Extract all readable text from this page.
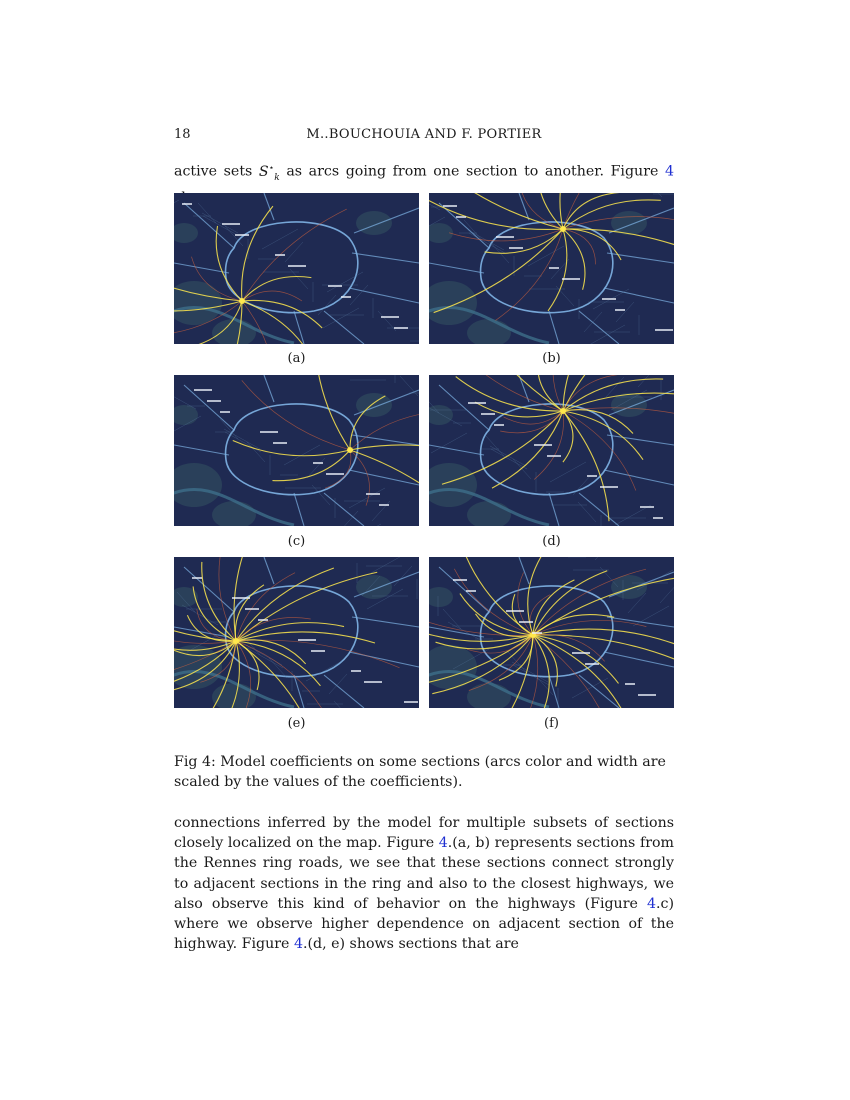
18	M..BOUCHOUIA AND F. PORTIER

active sets $S^⋆_k$ as arcs going from one section to another. Figure 4

(a)	(b)
(c)	(d)
(e)	(f)
Fig 4: Model coefficients on some sections (arcs color and width are scaled by the values of the coefficients).

connections inferred by the model for multiple subsets of sections closely localized on the map. Figure 4.(a, b) represents sections from the Rennes ring roads, we see that these sections connect strongly to adjacent sections in the ring and also to the closest highways, we also observe this kind of behavior on the highways (Figure 4.c) where we observe higher dependence on adjacent section of the highway. Figure 4.(d, e) shows sections that are
